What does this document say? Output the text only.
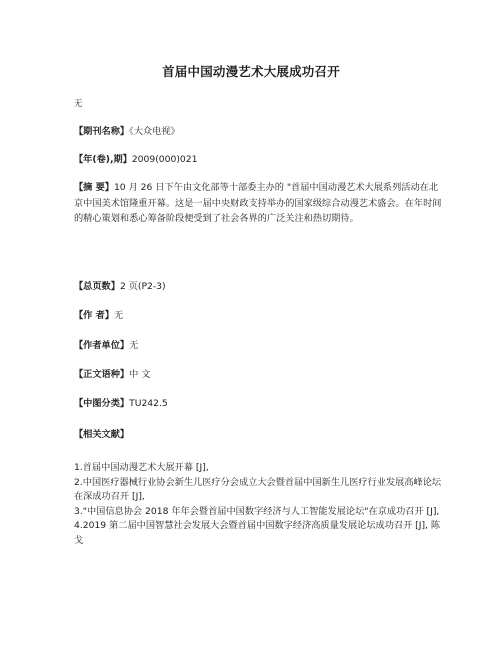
首届中国动漫艺术大展成功召开
无
【期刊名称】《大众电视》
【年(卷),期】2009(000)021
【摘 要】10 月 26 日下午由文化部等十部委主办的 "首届中国动漫艺术大展系列活动在北京中国美术馆隆重开幕。这是一届中央财政支持举办的国家级综合动漫艺术盛会。在年时间的精心策划和悉心筹备阶段便受到了社会各界的广泛关注和热切期待。
【总页数】2 页(P2-3)
【作 者】无
【作者单位】无
【正文语种】中 文
【中图分类】TU242.5
【相关文献】

1.首届中国动漫艺术大展开幕 [J],

2.中国医疗器械行业协会新生儿医疗分会成立大会暨首届中国新生儿医疗行业发展高峰论坛在深成功召开 [J],

3."中国信息协会 2018 年年会暨首届中国数字经济与人工智能发展论坛"在京成功召开 [J],

4.2019 第二届中国智慧社会发展大会暨首届中国数字经济高质量发展论坛成功召开 [J], 陈戈
